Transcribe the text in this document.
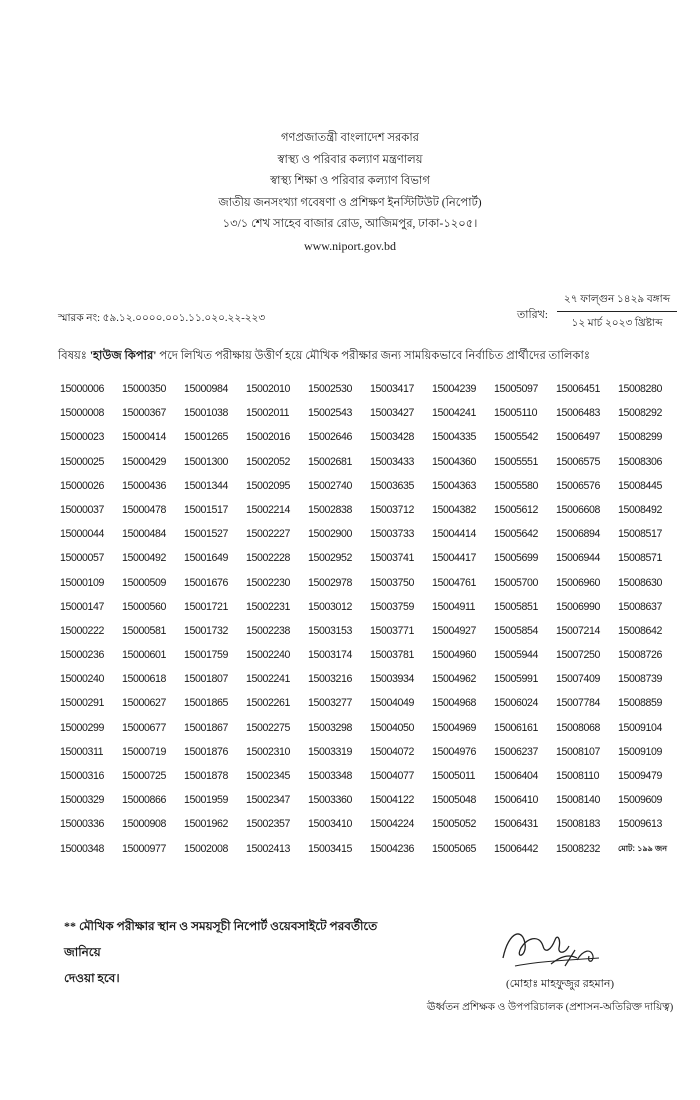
গণপ্রজাতন্ত্রী বাংলাদেশ সরকার
স্বাস্থ্য ও পরিবার কল্যাণ মন্ত্রণালয়
স্বাস্থ্য শিক্ষা ও পরিবার কল্যাণ বিভাগ
জাতীয় জনসংখ্যা গবেষণা ও প্রশিক্ষণ ইনস্টিটিউট (নিপোর্ট)
১৩/১ শেখ সাহেব বাজার রোড, আজিমপুর, ঢাকা-১২০৫।
www.niport.gov.bd
স্মারক নং: ৫৯.১২.০০০০.০০১.১১.০২০.২২-২২৩	তারিখ:
২৭ ফাল্গুন ১৪২৯ বঙ্গাব্দ
১২ মার্চ ২০২৩ খ্রিষ্টাব্দ
বিষয়ঃ 'হাউজ কিপার' পদে লিখিত পরীক্ষায় উত্তীর্ণ হয়ে মৌখিক পরীক্ষার জন্য সাময়িকভাবে নির্বাচিত প্রার্থীদের তালিকাঃ
15000006	15000350	15000984	15002010	15002530	15003417	15004239	15005097	15006451	15008280
15000008	15000367	15001038	15002011	15002543	15003427	15004241	15005110	15006483	15008292
15000023	15000414	15001265	15002016	15002646	15003428	15004335	15005542	15006497	15008299
15000025	15000429	15001300	15002052	15002681	15003433	15004360	15005551	15006575	15008306
15000026	15000436	15001344	15002095	15002740	15003635	15004363	15005580	15006576	15008445
15000037	15000478	15001517	15002214	15002838	15003712	15004382	15005612	15006608	15008492
15000044	15000484	15001527	15002227	15002900	15003733	15004414	15005642	15006894	15008517
15000057	15000492	15001649	15002228	15002952	15003741	15004417	15005699	15006944	15008571
15000109	15000509	15001676	15002230	15002978	15003750	15004761	15005700	15006960	15008630
15000147	15000560	15001721	15002231	15003012	15003759	15004911	15005851	15006990	15008637
15000222	15000581	15001732	15002238	15003153	15003771	15004927	15005854	15007214	15008642
15000236	15000601	15001759	15002240	15003174	15003781	15004960	15005944	15007250	15008726
15000240	15000618	15001807	15002241	15003216	15003934	15004962	15005991	15007409	15008739
15000291	15000627	15001865	15002261	15003277	15004049	15004968	15006024	15007784	15008859
15000299	15000677	15001867	15002275	15003298	15004050	15004969	15006161	15008068	15009104
15000311	15000719	15001876	15002310	15003319	15004072	15004976	15006237	15008107	15009109
15000316	15000725	15001878	15002345	15003348	15004077	15005011	15006404	15008110	15009479
15000329	15000866	15001959	15002347	15003360	15004122	15005048	15006410	15008140	15009609
15000336	15000908	15001962	15002357	15003410	15004224	15005052	15006431	15008183	15009613
15000348	15000977	15002008	15002413	15003415	15004236	15005065	15006442	15008232	মোট: ১৯৯ জন
** মৌখিক পরীক্ষার স্থান ও সময়সূচী নিপোর্ট ওয়েবসাইটে পরবর্তীতে জানিয়ে
দেওয়া হবে।	(মোহাঃ মাহফুজুর রহমান)
ঊর্ধ্বতন প্রশিক্ষক ও উপপরিচালক (প্রশাসন-অতিরিক্ত দায়িত্ব)
